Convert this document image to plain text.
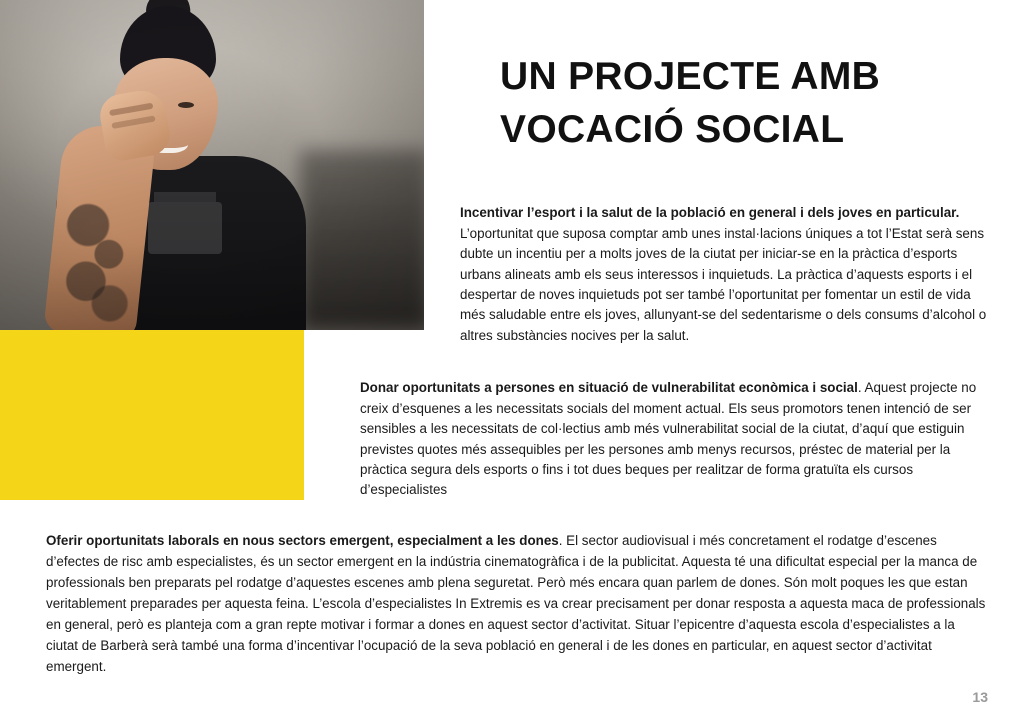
UN PROJECTE AMB VOCACIÓ SOCIAL

Incentivar l’esport i la salut de la població en general i dels joves en particular. L’oportunitat que suposa comptar amb unes instal·lacions úniques a tot l’Estat serà sens dubte un incentiu per a molts joves de la ciutat per iniciar-se en la pràctica d’esports urbans alineats amb els seus interessos i inquietuds. La pràctica d’aquests esports i el despertar de noves inquietuds pot ser també l’oportunitat per fomentar un estil de vida més saludable entre els joves, allunyant-se del sedentarisme o dels consums d’alcohol o altres substàncies nocives per la salut.

Donar oportunitats a persones en situació de vulnerabilitat econòmica i social. Aquest projecte no creix d’esquenes a les necessitats socials del moment actual. Els seus promotors tenen intenció de ser sensibles a les necessitats de col·lectius amb més vulnerabilitat social de la ciutat, d’aquí que estiguin previstes quotes més assequibles per les persones amb menys recursos, préstec de material per la pràctica segura dels esports o fins i tot dues beques per realitzar de forma gratuïta els cursos d’especialistes

Oferir oportunitats laborals en nous sectors emergent, especialment a les dones. El sector audiovisual i més concretament el rodatge d’escenes d’efectes de risc amb especialistes, és un sector emergent en la indústria cinematogràfica i de la publicitat. Aquesta té una dificultat especial per la manca de professionals ben preparats pel rodatge d’aquestes escenes amb plena seguretat. Però més encara quan parlem de dones. Són molt poques les que estan veritablement preparades per aquesta feina. L’escola d’especialistes In Extremis es va crear precisament per donar resposta a aquesta maca de professionals en general, però es planteja com a gran repte motivar i formar a dones en aquest sector d’activitat. Situar l’epicentre d’aquesta escola d’especialistes a la ciutat de Barberà serà també una forma d’incentivar l’ocupació de la seva població en general i de les dones en particular, en aquest sector d’activitat emergent.

13
